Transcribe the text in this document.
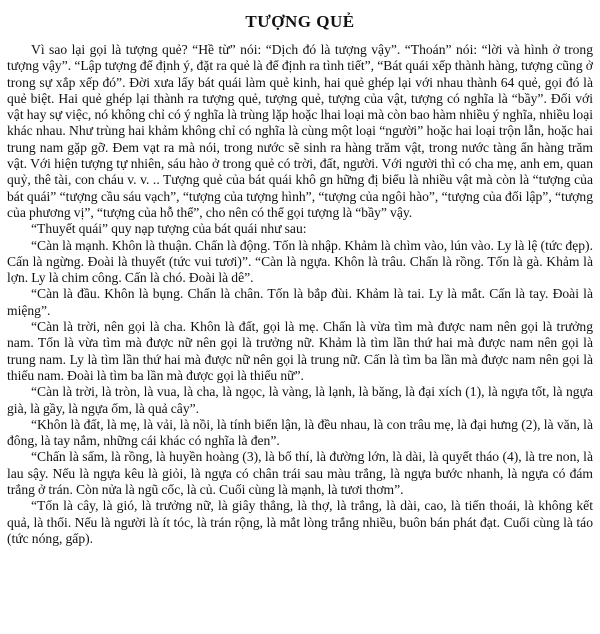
TƯỢNG QUẺ

Vì sao lại gọi là tượng quẻ? “Hề từ” nói: “Dịch đó là tượng vậy”. “Thoán” nói: “lời và hình ở trong tượng vậy”. “Lập tượng để định ý, đặt ra quẻ là để định ra tình tiết”, “Bát quái xếp thành hàng, tượng cũng ở trong sự xắp xếp đó”. Đời xưa lấy bát quái làm quẻ kinh, hai quẻ ghép lại với nhau thành 64 quẻ, gọi đó là quẻ biệt. Hai quẻ ghép lại thành ra tượng quẻ, tượng quẻ, tượng của vật, tượng có nghĩa là “bầy”. Đối với vật hay sự việc, nó không chỉ có ý nghĩa là trùng lặp hoặc lhai loại mà còn bao hàm nhiều ý nghĩa, nhiều loại khác nhau. Như trùng hai khảm không chỉ có nghĩa là cùng một loại “người” hoặc hai loại trộn lẫn, hoặc hai trung nam gặp gỡ. Đem vạt ra mà nói, trong nước sẽ sinh ra hàng trăm vật, trong nước tàng ẩn hàng trăm vật. Với hiện tượng tự nhiên, sáu hào ở trong quẻ có trời, đất, người. Với người thì có cha mẹ, anh em, quan quỷ, thê tài, con cháu v. v. .. Tượng quẻ của bát quái khô gn hững đị biểu là nhiều vật mà còn là “tượng của bát quái” “tượng cầu sáu vạch”, “tượng của tượng hình”, “tượng của ngôi hào”, “tượng của đối lập”, “tượng của phương vị”, “tượng của hỗ thể”, cho nên có thể gọi tượng là “bầy” vậy.

“Thuyết quái” quy nạp tượng của bát quái như sau:

“Càn là mạnh. Khôn là thuận. Chấn là động. Tốn là nhập. Khảm là chìm vào, lún vào. Ly là lệ (tức đẹp). Cấn là ngừng. Đoài là thuyết (tức vui tươi)”. “Càn là ngựa. Khôn là trâu. Chấn là rồng. Tốn là gà. Khảm là lợn. Ly là chim công. Cấn là chó. Đoài là dê”.

“Càn là đầu. Khôn là bụng. Chấn là chân. Tốn là bắp đùi. Khảm là tai. Ly là mắt. Cấn là tay. Đoài là miệng”.

“Càn là trời, nên gọi là cha. Khôn là đất, gọi là mẹ. Chấn là vừa tìm mà được nam nên gọi là trưởng nam. Tốn là vừa tìm mà được nữ nên gọi là trưởng nữ. Khảm là tìm lần thứ hai mà được nam nên gọi là trung nam. Ly là tìm lần thứ hai mà được nữ nên gọi là trung nữ. Cấn là tìm ba lần mà được nam nên gọi là thiếu nam. Đoài là tìm ba lần mà được gọi là thiếu nữ”.

“Càn là trời, là tròn, là vua, là cha, là ngọc, là vàng, là lạnh, là băng, là đại xích (1), là ngựa tốt, là ngựa già, là gầy, là ngựa ốm, là quả cây”.

“Khôn là đất, là mẹ, là vải, là nồi, là tính biển lận, là đều nhau, là con trâu mẹ, là đại hưng (2), là văn, là đông, là tay nắm, những cái khác có nghĩa là đen”.

“Chấn là sấm, là rồng, là huyền hoàng (3), là bố thí, là đường lớn, là dài, là quyết tháo (4), là tre non, là lau sậy. Nếu là ngựa kêu là giỏi, là ngựa có chân trái sau màu trắng, là ngựa bước nhanh, là ngựa có đám trắng ở trán. Còn nửa là ngũ cốc, là củ. Cuối cùng là mạnh, là tươi thơm”.

“Tốn là cây, là gió, là trưởng nữ, là giây thẳng, là thợ, là trắng, là dài, cao, là tiến thoái, là không kết quả, là thối. Nếu là người là ít tóc, là trán rộng, là mắt lòng trắng nhiều, buôn bán phát đạt. Cuối cùng là táo (tức nóng, gấp).
